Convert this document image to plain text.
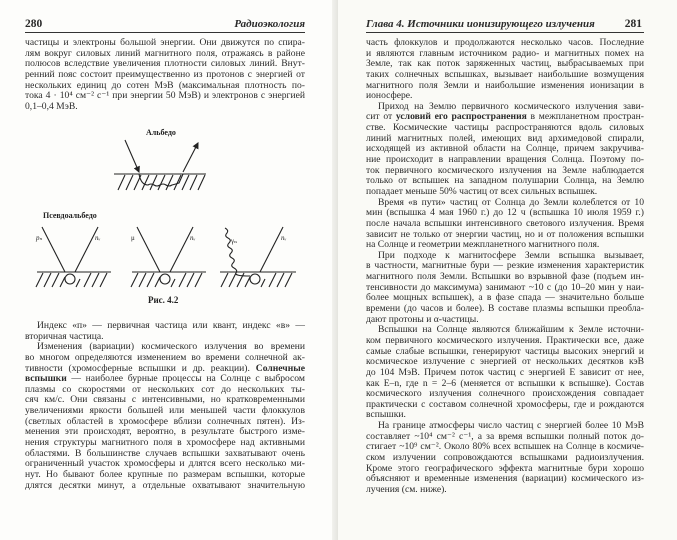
280	Радиоэкология
частицы и электроны большой энергии. Они движутся по спира-
лям вокруг силовых линий магнитного поля, отражаясь в районе
полюсов вследствие увеличения плотности силовых линий. Внут-
ренний пояс состоит преимущественно из протонов с энергией от
нескольких единиц до сотен МэВ (максимальная плотность по-
тока 4 · 10⁴ см⁻² с⁻¹ при энергии 50 МэВ) и электронов с энергией
0,1–0,4 МэВ.
Альбедо
Псевдоальбедо
pₙ	nᵥ	μ	nᵥ	γₙ	nᵥ
Рис. 4.2
Индекс «п» — первичная частица или квант, индекс «в» —
вторичная частица.
Изменения (вариации) космического излучения во времени
во многом определяются изменением во времени солнечной ак-
тивности (хромосферные вспышки и др. реакции). Солнечные
вспышки — наиболее бурные процессы на Солнце с выбросом
плазмы со скоростями от нескольких сот до нескольких ты-
сяч км/с. Они связаны с интенсивными, но кратковременными
увеличениями яркости большей или меньшей части флоккулов
(светлых областей в хромосфере вблизи солнечных пятен). Из-
менения эти происходят, вероятно, в результате быстрого изме-
нения структуры магнитного поля в хромосфере над активными
областями. В большинстве случаев вспышки захватывают очень
ограниченный участок хромосферы и длятся всего несколько ми-
нут. Но бывают более крупные по размерам вспышки, которые
длятся десятки минут, а отдельные охватывают значительную
Глава 4. Источники ионизирующего излучения	281
часть флоккулов и продолжаются несколько часов. Последние
и являются главным источником радио- и магнитных помех на
Земле, так как поток заряженных частиц, выбрасываемых при
таких солнечных вспышках, вызывает наибольшие возмущения
магнитного поля Земли и наибольшие изменения ионизации в
ионосфере.
Приход на Землю первичного космического излучения зави-
сит от условий его распространения в межпланетном простран-
стве. Космические частицы распространяются вдоль силовых
линий магнитных полей, имеющих вид архимедовой спирали,
исходящей из активной области на Солнце, причем закручива-
ние происходит в направлении вращения Солнца. Поэтому по-
ток первичного космического излучения на Земле наблюдается
только от вспышек на западном полушарии Солнца, на Землю
попадает меньше 50% частиц от всех сильных вспышек.
Время «в пути» частиц от Солнца до Земли колеблется от 10
мин (вспышка 4 мая 1960 г.) до 12 ч (вспышка 10 июля 1959 г.)
после начала вспышки интенсивного светового излучения. Время
зависит не только от энергии частиц, но и от положения вспышки
на Солнце и геометрии межпланетного магнитного поля.
При подходе к магнитосфере Земли вспышка вызывает,
в частности, магнитные бури — резкие изменения характеристик
магнитного поля Земли. Вспышки во взрывной фазе (подъем ин-
тенсивности до максимума) занимают ~10 с (до 10–20 мин у наи-
более мощных вспышек), а в фазе спада — значительно больше
времени (до часов и более). В составе плазмы вспышки преобла-
дают протоны и α-частицы.
Вспышки на Солнце являются ближайшим к Земле источни-
ком первичного космического излучения. Практически все, даже
самые слабые вспышки, генерируют частицы высоких энергий и
космическое излучение с энергией от нескольких десятков кэВ
до 104 МэВ. Причем поток частиц с энергией E зависит от нее,
как E–n, где n = 2–6 (меняется от вспышки к вспышке). Состав
космического излучения солнечного происхождения совпадает
практически с составом солнечной хромосферы, где и рождаются
вспышки.
На границе атмосферы число частиц с энергией более 10 МэВ
составляет ~10⁴ см⁻² с⁻¹, а за время вспышки полный поток до-
стигает ~10⁹ см⁻². Около 80% всех вспышек на Солнце в космиче-
ском излучении сопровождаются вспышками радиоизлучения.
Кроме этого географического эффекта магнитные бури хорошо
объясняют и временные изменения (вариации) космического из-
лучения (см. ниже).
